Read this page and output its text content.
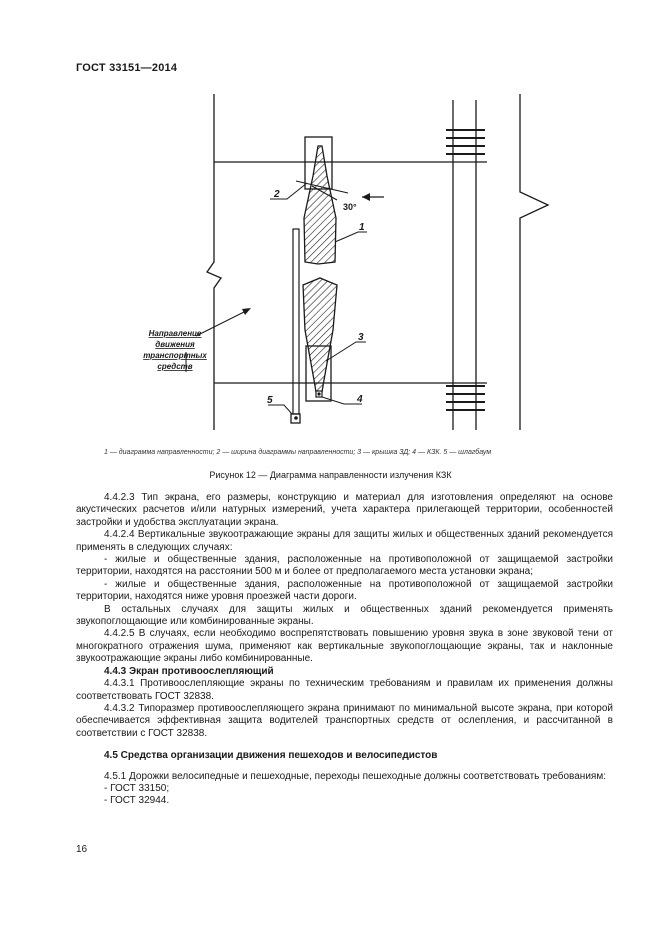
ГОСТ 33151—2014
1
2
3
4
5
30°
Направление
движения
транспортных
средств
1 — диаграмма направленности; 2 — ширина диаграммы направленности; 3 — крышка ЗД; 4 — КЗК. 5 — шлагбаум
Рисунок 12 — Диаграмма направленности излучения КЗК

4.4.2.3 Тип экрана, его размеры, конструкцию и материал для изготовления определяют на основе акустических расчетов и/или натурных измерений, учета характера прилегающей территории, особенностей застройки и удобства эксплуатации экрана.

4.4.2.4 Вертикальные звукоотражающие экраны для защиты жилых и общественных зданий рекомендуется применять в следующих случаях:

- жилые и общественные здания, расположенные на противоположной от защищаемой застройки территории, находятся на расстоянии 500 м и более от предполагаемого места установки экрана;

- жилые и общественные здания, расположенные на противоположной от защищаемой застройки территории, находятся ниже уровня проезжей части дороги.

В остальных случаях для защиты жилых и общественных зданий рекомендуется применять звукопоглощающие или комбинированные экраны.

4.4.2.5 В случаях, если необходимо воспрепятствовать повышению уровня звука в зоне звуковой тени от многократного отражения шума, применяют как вертикальные звукопоглощающие экраны, так и наклонные звукоотражающие экраны либо комбинированные.

4.4.3 Экран противоослепляющий

4.4.3.1 Противоослепляющие экраны по техническим требованиям и правилам их применения должны соответствовать ГОСТ 32838.

4.4.3.2 Типоразмер противоослепляющего экрана принимают по минимальной высоте экрана, при которой обеспечивается эффективная защита водителей транспортных средств от ослепления, и рассчитанной в соответствии с ГОСТ 32838.

4.5 Средства организации движения пешеходов и велосипедистов

4.5.1 Дорожки велосипедные и пешеходные, переходы пешеходные должны соответствовать требованиям:

- ГОСТ 33150;

- ГОСТ 32944.

16
